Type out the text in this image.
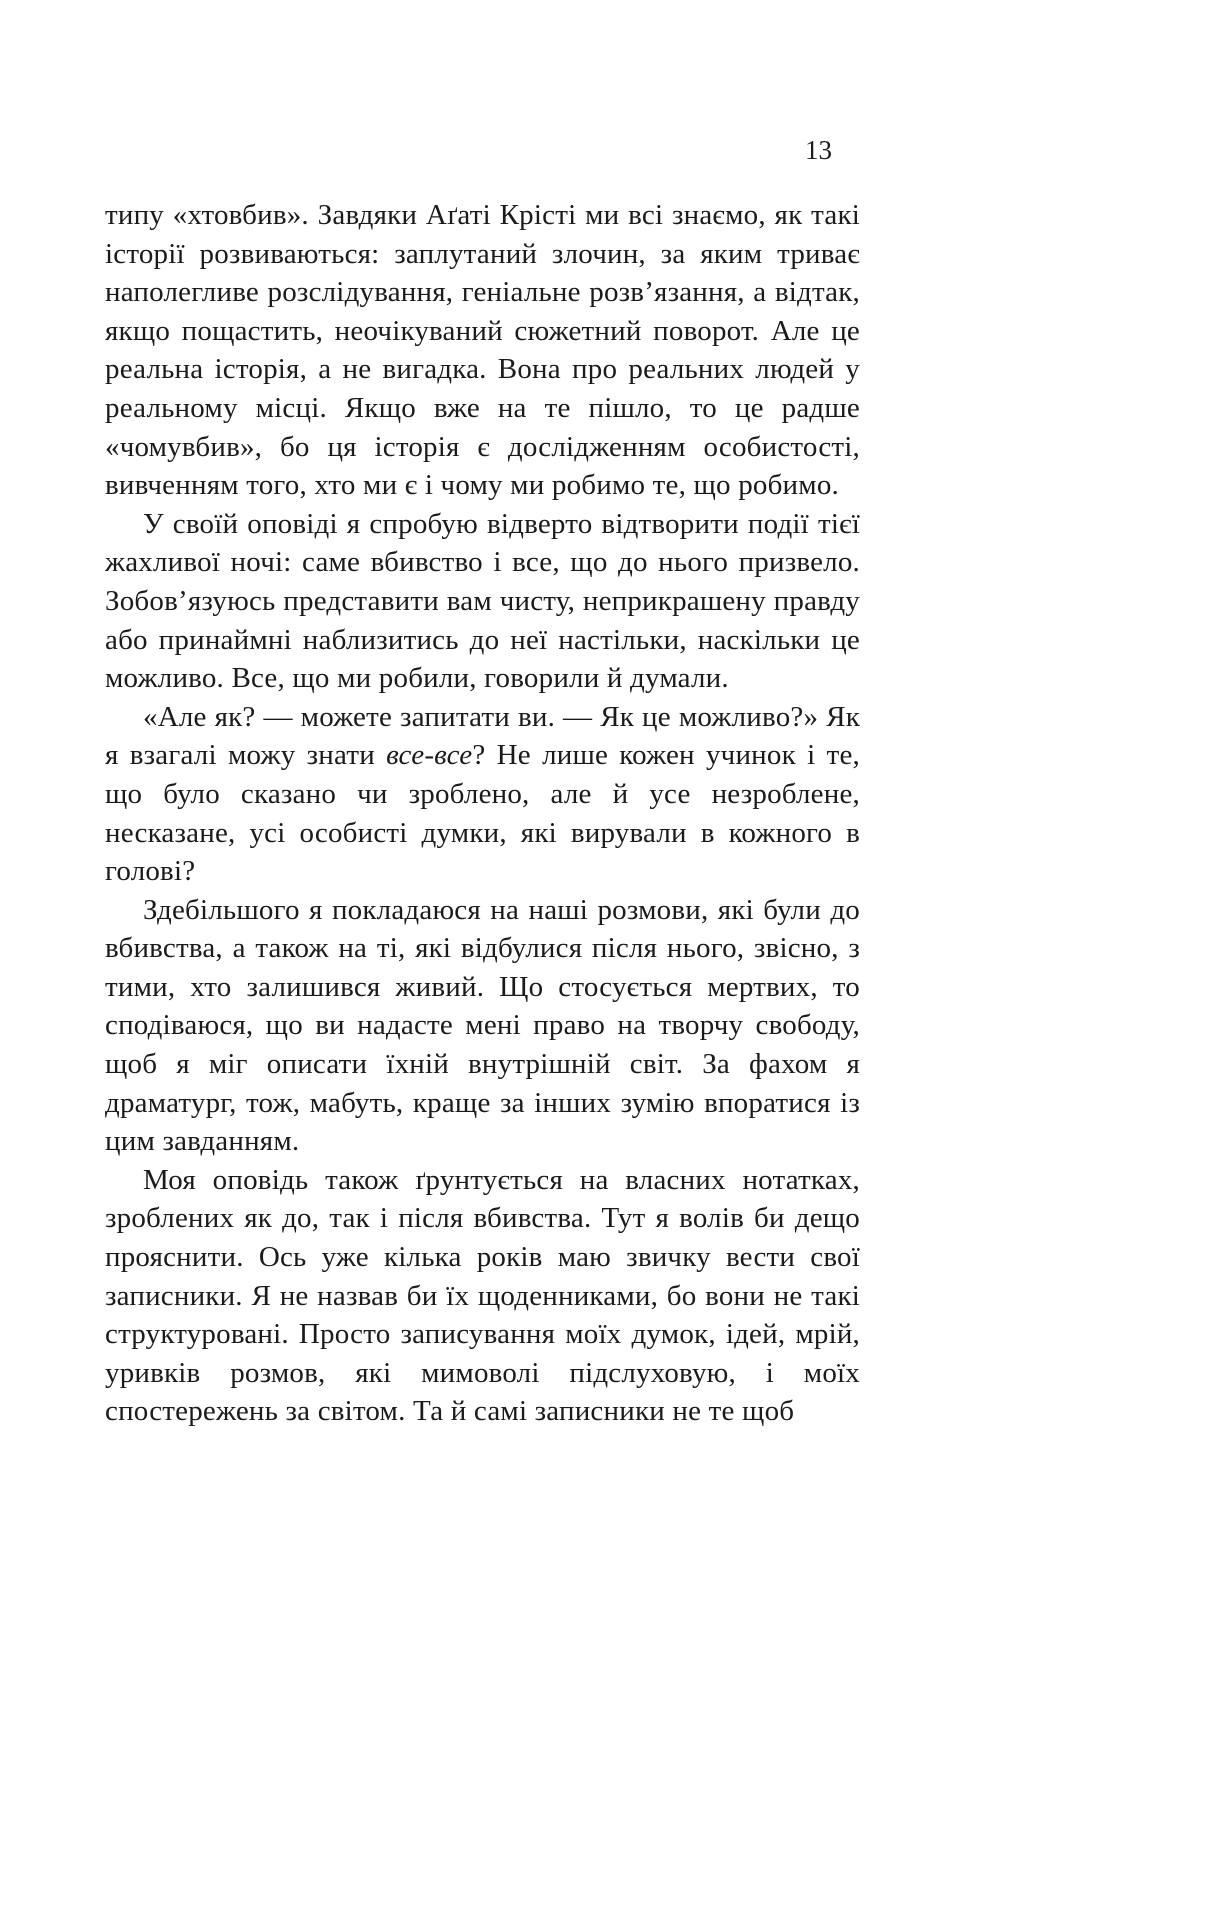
13

типу «хтовбив». Завдяки Аґаті Крісті ми всі знаємо, як такі історії розвиваються: заплутаний злочин, за яким триває наполегливе розслідування, геніальне розв’язання, а відтак, якщо пощастить, неочікуваний сюжетний поворот. Але це реальна історія, а не вигадка. Вона про реальних людей у реальному місці. Якщо вже на те пішло, то це радше «чомувбив», бо ця історія є дослідженням особистості, вивченням того, хто ми є і чому ми робимо те, що робимо.

У своїй оповіді я спробую відверто відтворити події тієї жахливої ночі: саме вбивство і все, що до нього призвело. Зобов’язуюсь представити вам чисту, неприкрашену правду або принаймні наблизитись до неї настільки, наскільки це можливо. Все, що ми робили, говорили й думали.

«Але як? — можете запитати ви. — Як це можливо?» Як я взагалі можу знати все-все? Не лише кожен учинок і те, що було сказано чи зроблено, але й усе незроблене, несказане, усі особисті думки, які вирували в кожного в голові?

Здебільшого я покладаюся на наші розмови, які були до вбивства, а також на ті, які відбулися після нього, звісно, з тими, хто залишився живий. Що стосується мертвих, то сподіваюся, що ви надасте мені право на творчу свободу, щоб я міг описати їхній внутрішній світ. За фахом я драматург, тож, мабуть, краще за інших зумію впоратися із цим завданням.

Моя оповідь також ґрунтується на власних нотатках, зроблених як до, так і після вбивства. Тут я волів би дещо прояснити. Ось уже кілька років маю звичку вести свої записники. Я не назвав би їх щоденниками, бо вони не такі структуровані. Просто записування моїх думок, ідей, мрій, уривків розмов, які мимоволі підслуховую, і моїх спостережень за світом. Та й самі записники не те щоб
